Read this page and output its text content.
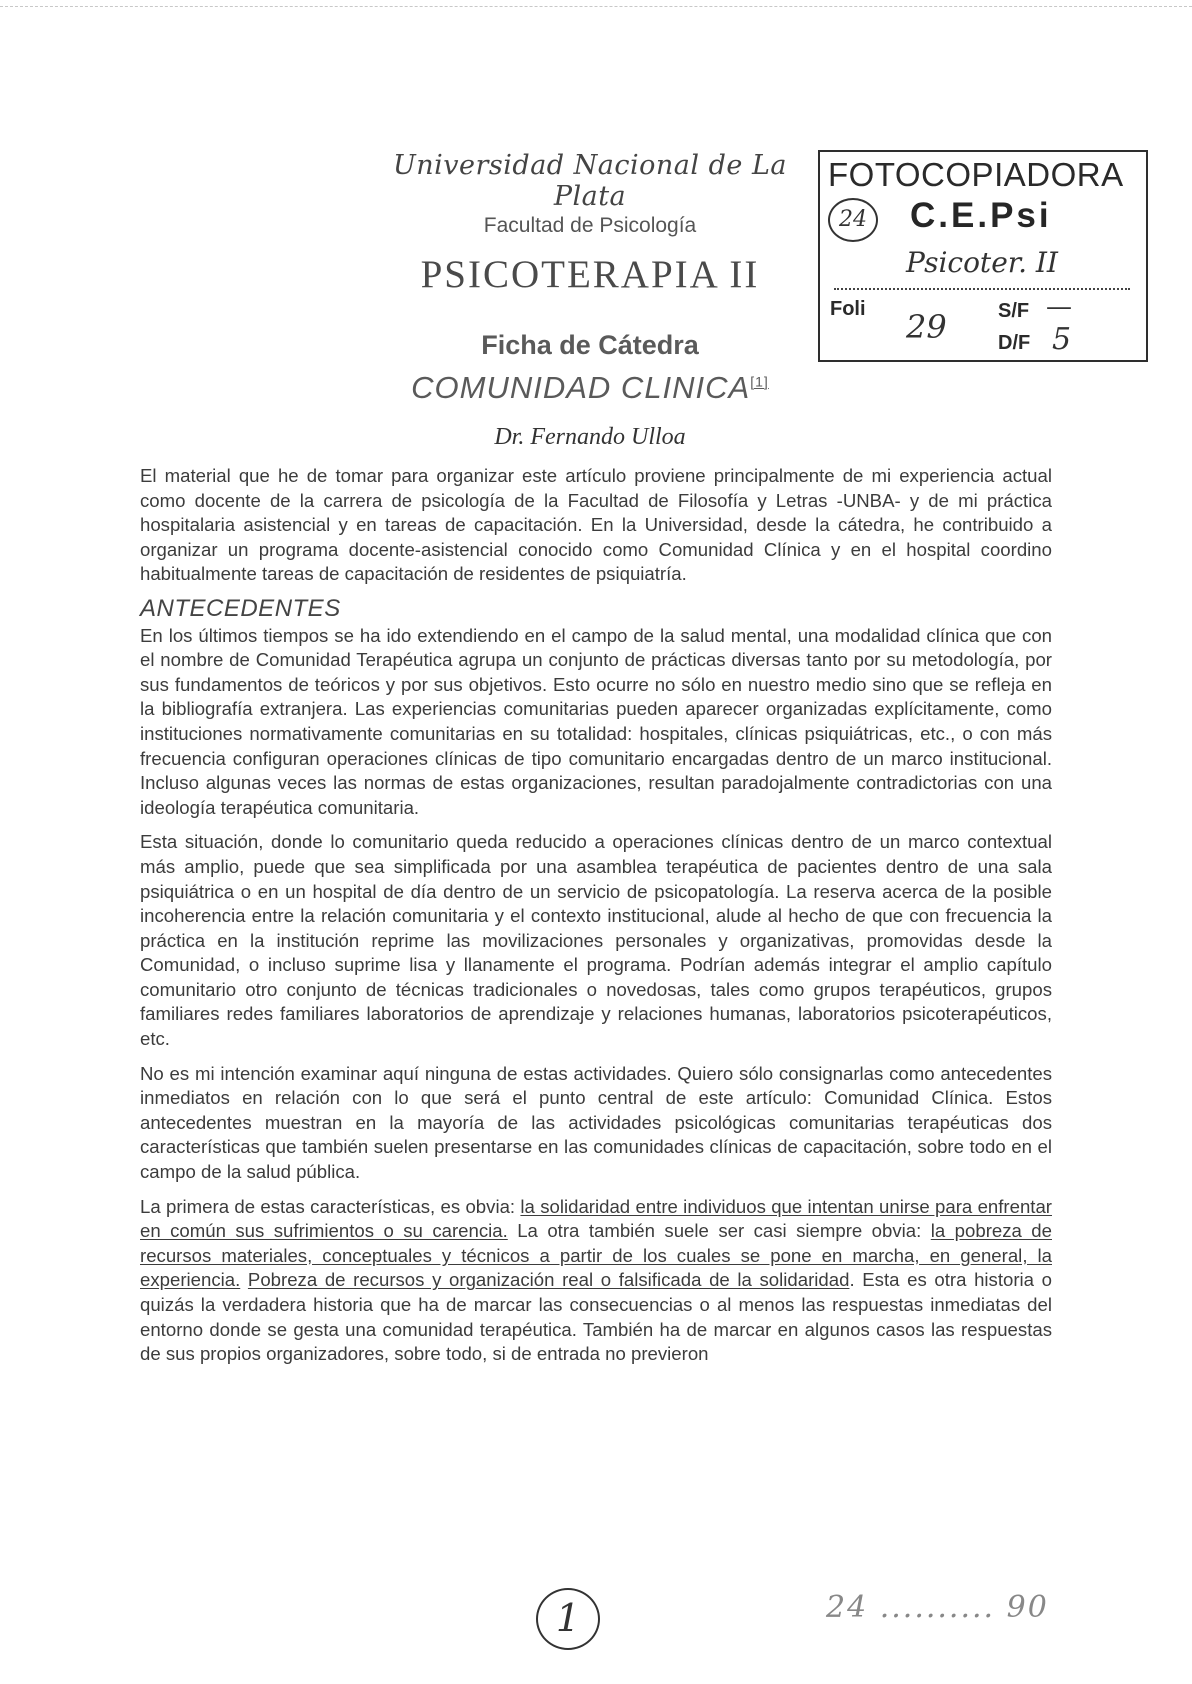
Universidad Nacional de La Plata
Facultad de Psicología
PSICOTERAPIA II
FOTOCOPIADORA
24	C.E.Psi
Psicoter. II
Foli 29	S/F —
D/F 5
Ficha de Cátedra
COMUNIDAD CLINICA[1]
Dr. Fernando Ulloa

El material que he de tomar para organizar este artículo proviene principalmente de mi experiencia actual como docente de la carrera de psicología de la Facultad de Filosofía y Letras -UNBA- y de mi práctica hospitalaria asistencial y en tareas de capacitación. En la Universidad, desde la cátedra, he contribuido a organizar un programa docente-asistencial conocido como Comunidad Clínica y en el hospital coordino habitualmente tareas de capacitación de residentes de psiquiatría.

ANTECEDENTES

En los últimos tiempos se ha ido extendiendo en el campo de la salud mental, una modalidad clínica que con el nombre de Comunidad Terapéutica agrupa un conjunto de prácticas diversas tanto por su metodología, por sus fundamentos de teóricos y por sus objetivos. Esto ocurre no sólo en nuestro medio sino que se refleja en la bibliografía extranjera. Las experiencias comunitarias pueden aparecer organizadas explícitamente, como instituciones normativamente comunitarias en su totalidad: hospitales, clínicas psiquiátricas, etc., o con más frecuencia configuran operaciones clínicas de tipo comunitario encargadas dentro de un marco institucional. Incluso algunas veces las normas de estas organizaciones, resultan paradojalmente contradictorias con una ideología terapéutica comunitaria.

Esta situación, donde lo comunitario queda reducido a operaciones clínicas dentro de un marco contextual más amplio, puede que sea simplificada por una asamblea terapéutica de pacientes dentro de una sala psiquiátrica o en un hospital de día dentro de un servicio de psicopatología. La reserva acerca de la posible incoherencia entre la relación comunitaria y el contexto institucional, alude al hecho de que con frecuencia la práctica en la institución reprime las movilizaciones personales y organizativas, promovidas desde la Comunidad, o incluso suprime lisa y llanamente el programa. Podrían además integrar el amplio capítulo comunitario otro conjunto de técnicas tradicionales o novedosas, tales como grupos terapéuticos, grupos familiares redes familiares laboratorios de aprendizaje y relaciones humanas, laboratorios psicoterapéuticos, etc.

No es mi intención examinar aquí ninguna de estas actividades. Quiero sólo consignarlas como antecedentes inmediatos en relación con lo que será el punto central de este artículo: Comunidad Clínica. Estos antecedentes muestran en la mayoría de las actividades psicológicas comunitarias terapéuticas dos características que también suelen presentarse en las comunidades clínicas de capacitación, sobre todo en el campo de la salud pública.

La primera de estas características, es obvia: la solidaridad entre individuos que intentan unirse para enfrentar en común sus sufrimientos o su carencia. La otra también suele ser casi siempre obvia: la pobreza de recursos materiales, conceptuales y técnicos a partir de los cuales se pone en marcha, en general, la experiencia. Pobreza de recursos y organización real o falsificada de la solidaridad. Esta es otra historia o quizás la verdadera historia que ha de marcar las consecuencias o al menos las respuestas inmediatas del entorno donde se gesta una comunidad terapéutica. También ha de marcar en algunos casos las respuestas de sus propios organizadores, sobre todo, si de entrada no previeron

1	24 .......... 90
